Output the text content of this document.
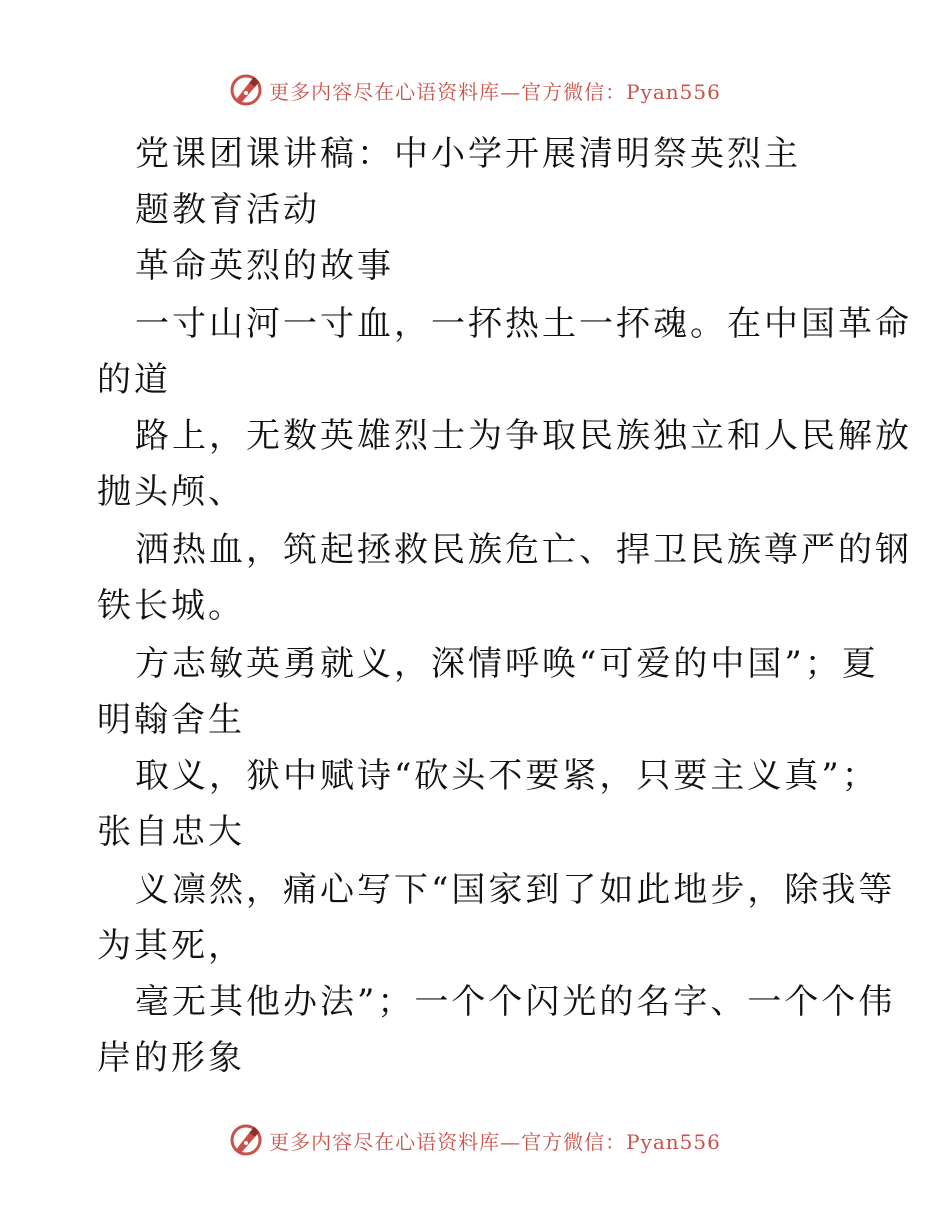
更多内容尽在心语资料库—官方微信：Pyan556
党课团课讲稿：中小学开展清明祭英烈主
题教育活动
革命英烈的故事
一寸山河一寸血，一抔热土一抔魂。在中国革命
的道
路上，无数英雄烈士为争取民族独立和人民解放
抛头颅、
洒热血，筑起拯救民族危亡、捍卫民族尊严的钢
铁长城。
方志敏英勇就义，深情呼唤“可爱的中国”；夏
明翰舍生
取义，狱中赋诗“砍头不要紧，只要主义真”；
张自忠大
义凛然，痛心写下“国家到了如此地步，除我等
为其死，
毫无其他办法”；一个个闪光的名字、一个个伟
岸的形象
更多内容尽在心语资料库—官方微信：Pyan556
